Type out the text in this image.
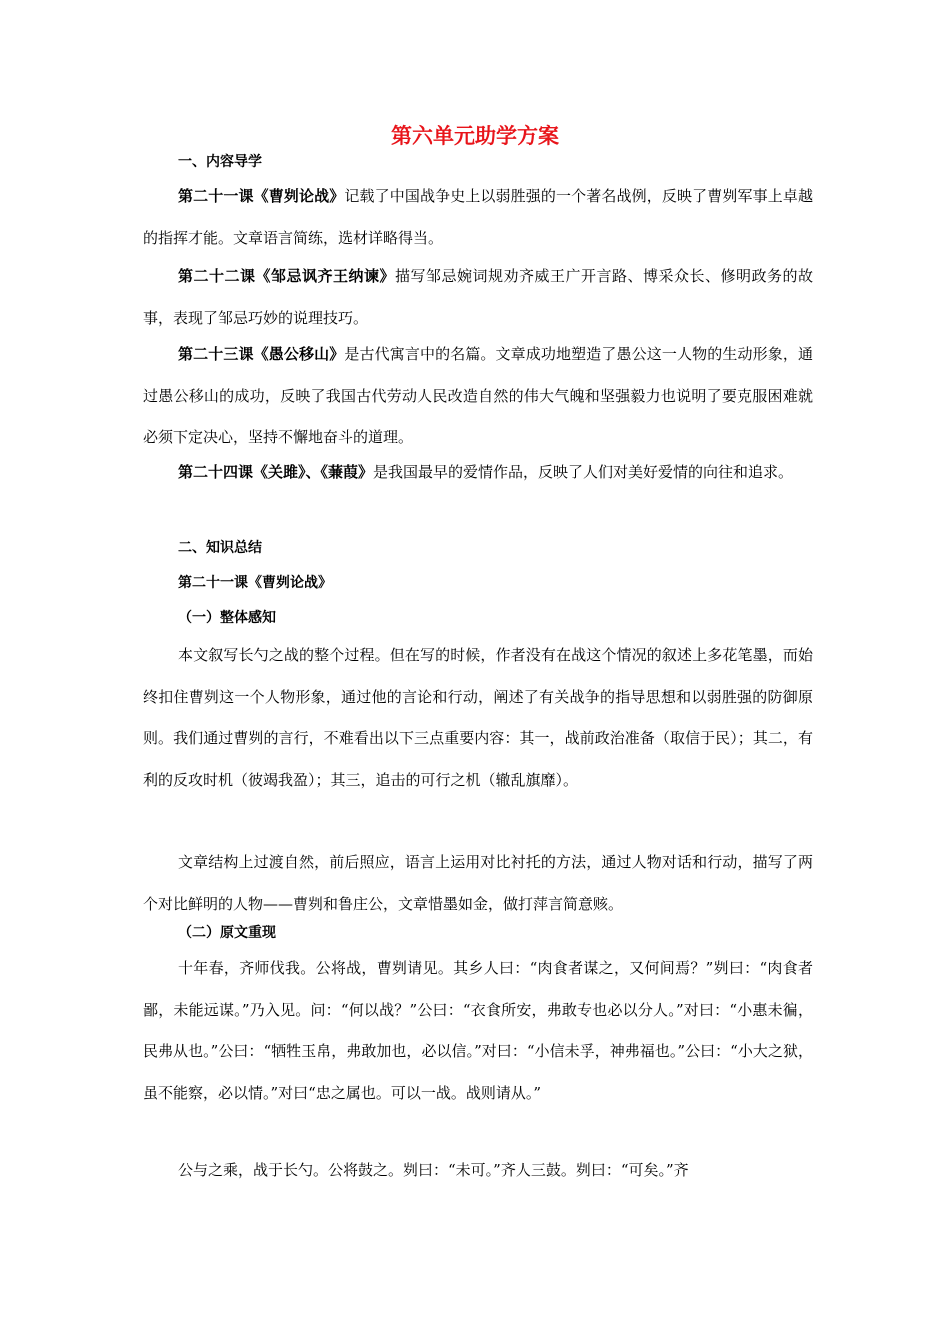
第六单元助学方案
一、内容导学

第二十一课《曹刿论战》记载了中国战争史上以弱胜强的一个著名战例，反映了曹刿军事上卓越的指挥才能。文章语言简练，选材详略得当。

第二十二课《邹忌讽齐王纳谏》描写邹忌婉词规劝齐威王广开言路、博采众长、修明政务的故事，表现了邹忌巧妙的说理技巧。

第二十三课《愚公移山》是古代寓言中的名篇。文章成功地塑造了愚公这一人物的生动形象，通过愚公移山的成功，反映了我国古代劳动人民改造自然的伟大气魄和坚强毅力也说明了要克服困难就必须下定决心，坚持不懈地奋斗的道理。

第二十四课《关雎》、《蒹葭》是我国最早的爱情作品，反映了人们对美好爱情的向往和追求。

二、知识总结
第二十一课《曹刿论战》
（一）整体感知

本文叙写长勺之战的整个过程。但在写的时候，作者没有在战这个情况的叙述上多花笔墨，而始终扣住曹刿这一个人物形象，通过他的言论和行动，阐述了有关战争的指导思想和以弱胜强的防御原则。我们通过曹刿的言行，不难看出以下三点重要内容：其一，战前政治准备（取信于民）；其二，有利的反攻时机（彼竭我盈）；其三，追击的可行之机（辙乱旗靡）。

文章结构上过渡自然，前后照应，语言上运用对比衬托的方法，通过人物对话和行动，描写了两个对比鲜明的人物——曹刿和鲁庄公，文章惜墨如金，做打萍言简意赅。

（二）原文重现

十年春，齐师伐我。公将战，曹刿请见。其乡人曰：“肉食者谋之，又何间焉？”刿曰：“肉食者鄙，未能远谋。”乃入见。问：“何以战？”公曰：“衣食所安，弗敢专也必以分人。”对曰：“小惠未徧，民弗从也。”公曰：“牺牲玉帛，弗敢加也，必以信。”对曰：“小信未孚，神弗福也。”公曰：“小大之狱，虽不能察，必以情。”对曰“忠之属也。可以一战。战则请从。”

公与之乘，战于长勺。公将鼓之。刿曰：“未可。”齐人三鼓。刿曰：“可矣。”齐
